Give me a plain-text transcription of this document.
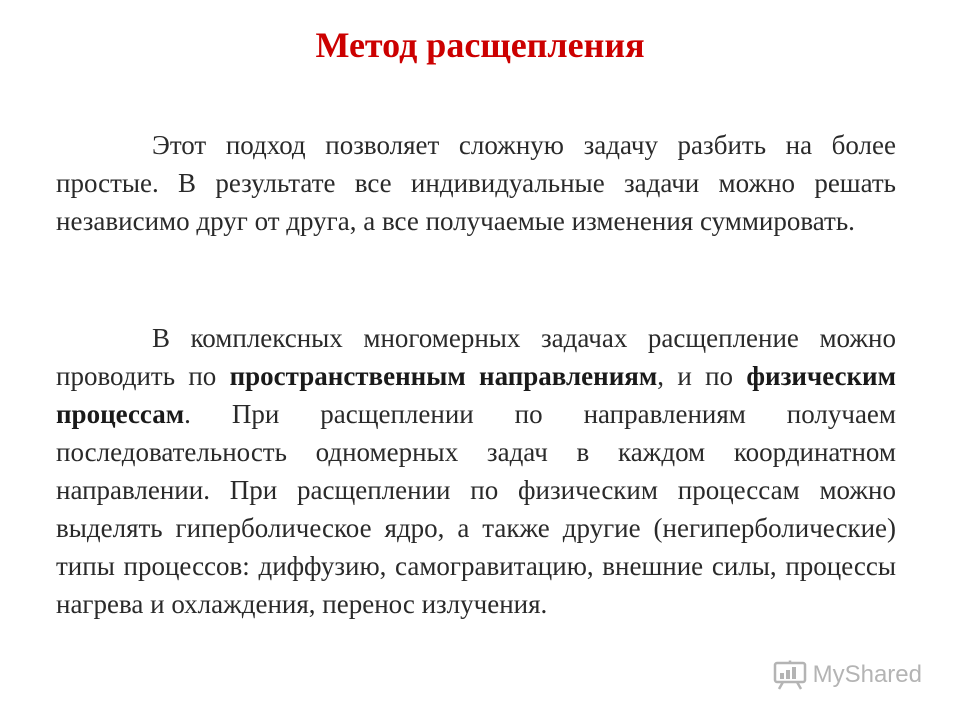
Метод расщепления

Этот подход позволяет сложную задачу разбить на более простые. В результате все индивидуальные задачи можно решать независимо друг от друга, а все получаемые изменения суммировать.

В комплексных многомерных задачах расщепление можно проводить по пространственным направлениям, и по физическим процессам. При расщеплении по направлениям получаем последовательность одномерных задач в каждом координатном направлении. При расщеплении по физическим процессам можно выделять гиперболическое ядро, а также другие (негиперболические) типы процессов: диффузию, самогравитацию, внешние силы, процессы нагрева и охлаждения, перенос излучения.

MyShared
